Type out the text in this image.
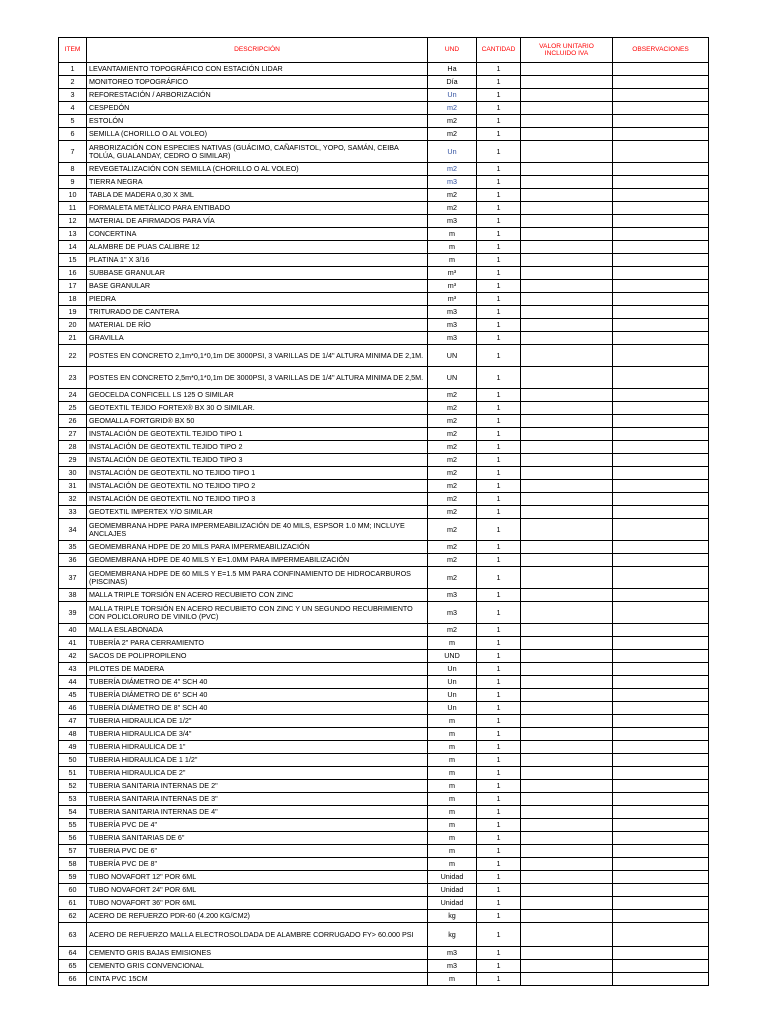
ITEM	DESCRIPCIÓN	UND	CANTIDAD	VALOR UNITARIO INCLUIDO IVA	OBSERVACIONES
1	LEVANTAMIENTO TOPOGRÁFICO CON ESTACIÓN LIDAR	Ha	1		
2	MONITOREO TOPOGRÁFICO	Día	1		
3	REFORESTACIÓN / ARBORIZACIÓN	Un	1		
4	CESPEDÓN	m2	1		
5	ESTOLÓN	m2	1		
6	SEMILLA (CHORILLO O AL VOLEO)	m2	1		
7	ARBORIZACIÓN CON ESPECIES NATIVAS (GUÁCIMO, CAÑAFISTOL, YOPO, SAMÁN, CEIBA TOLÚA, GUALANDAY, CEDRO O SIMILAR)	Un	1		
8	REVEGETALIZACIÓN CON SEMILLA (CHORILLO O AL VOLEO)	m2	1		
9	TIERRA NEGRA	m3	1		
10	TABLA DE MADERA 0,30 X 3ML	m2	1		
11	FORMALETA METÁLICO PARA ENTIBADO	m2	1		
12	MATERIAL DE AFIRMADOS PARA VÍA	m3	1		
13	CONCERTINA	m	1		
14	ALAMBRE DE PUAS CALIBRE 12	m	1		
15	PLATINA 1" X 3/16	m	1		
16	SUBBASE GRANULAR	m³	1		
17	BASE GRANULAR	m³	1		
18	PIEDRA	m³	1		
19	TRITURADO DE CANTERA	m3	1		
20	MATERIAL DE RÍO	m3	1		
21	GRAVILLA	m3	1		
22	POSTES EN CONCRETO 2,1m*0,1*0,1m DE 3000PSI, 3 VARILLAS DE 1/4" ALTURA MINIMA DE 2,1M.	UN	1		
23	POSTES EN CONCRETO 2,5m*0,1*0,1m DE 3000PSI, 3 VARILLAS DE 1/4" ALTURA MINIMA DE 2,5M.	UN	1		
24	GEOCELDA CONFICELL LS 125 O SIMILAR	m2	1		
25	GEOTEXTIL TEJIDO FORTEX® BX 30 O SIMILAR.	m2	1		
26	GEOMALLA FORTGRID® BX 50	m2	1		
27	INSTALACIÓN DE GEOTEXTIL TEJIDO TIPO 1	m2	1		
28	INSTALACIÓN DE GEOTEXTIL TEJIDO TIPO 2	m2	1		
29	INSTALACIÓN DE GEOTEXTIL TEJIDO TIPO 3	m2	1		
30	INSTALACIÓN DE GEOTEXTIL NO TEJIDO TIPO 1	m2	1		
31	INSTALACIÓN DE GEOTEXTIL NO TEJIDO TIPO 2	m2	1		
32	INSTALACIÓN DE GEOTEXTIL NO TEJIDO TIPO 3	m2	1		
33	GEOTEXTIL IMPERTEX Y/O SIMILAR	m2	1		
34	GEOMEMBRANA HDPE PARA IMPERMEABILIZACIÓN DE 40 MILS, ESPSOR 1.0 MM; INCLUYE ANCLAJES	m2	1		
35	GEOMEMBRANA HDPE DE 20 MILS PARA IMPERMEABILIZACIÓN	m2	1		
36	GEOMEMBRANA HDPE DE 40 MILS Y E=1.0MM PARA IMPERMEABILIZACIÓN	m2	1		
37	GEOMEMBRANA HDPE DE 60 MILS Y E=1.5 MM PARA CONFINAMIENTO DE HIDROCARBUROS (PISCINAS)	m2	1		
38	MALLA TRIPLE TORSIÓN EN ACERO RECUBIETO CON ZINC	m3	1		
39	MALLA TRIPLE TORSIÓN EN ACERO RECUBIETO CON ZINC Y UN SEGUNDO RECUBRIMIENTO CON POLICLORURO DE VINILO (PVC)	m3	1		
40	MALLA ESLABONADA	m2	1		
41	TUBERÍA 2" PARA CERRAMIENTO	m	1		
42	SACOS DE POLIPROPILENO	UND	1		
43	PILOTES DE MADERA	Un	1		
44	TUBERÍA DIÁMETRO DE 4" SCH 40	Un	1		
45	TUBERÍA DIÁMETRO DE 6" SCH 40	Un	1		
46	TUBERÍA DIÁMETRO DE 8" SCH 40	Un	1		
47	TUBERIA HIDRAULICA DE 1/2"	m	1		
48	TUBERIA HIDRAULICA DE 3/4"	m	1		
49	TUBERIA HIDRAULICA DE 1"	m	1		
50	TUBERIA HIDRAULICA DE 1 1/2"	m	1		
51	TUBERIA HIDRAULICA DE 2"	m	1		
52	TUBERIA SANITARIA INTERNAS DE 2"	m	1		
53	TUBERIA SANITARIA INTERNAS DE 3"	m	1		
54	TUBERIA SANITARIA INTERNAS DE 4"	m	1		
55	TUBERÍA PVC DE 4"	m	1		
56	TUBERIA SANITARIAS DE 6"	m	1		
57	TUBERIA PVC DE 6"	m	1		
58	TUBERÍA PVC DE 8"	m	1		
59	TUBO NOVAFORT 12" POR 6ML	Unidad	1		
60	TUBO NOVAFORT 24" POR 6ML	Unidad	1		
61	TUBO NOVAFORT 36" POR 6ML	Unidad	1		
62	ACERO DE REFUERZO PDR-60 (4.200 KG/CM2)	kg	1		
63	ACERO DE REFUERZO MALLA ELECTROSOLDADA DE ALAMBRE CORRUGADO FY> 60.000 PSI	kg	1		
64	CEMENTO GRIS BAJAS EMISIONES	m3	1		
65	CEMENTO GRIS CONVENCIONAL	m3	1		
66	CINTA PVC 15CM	m	1		
